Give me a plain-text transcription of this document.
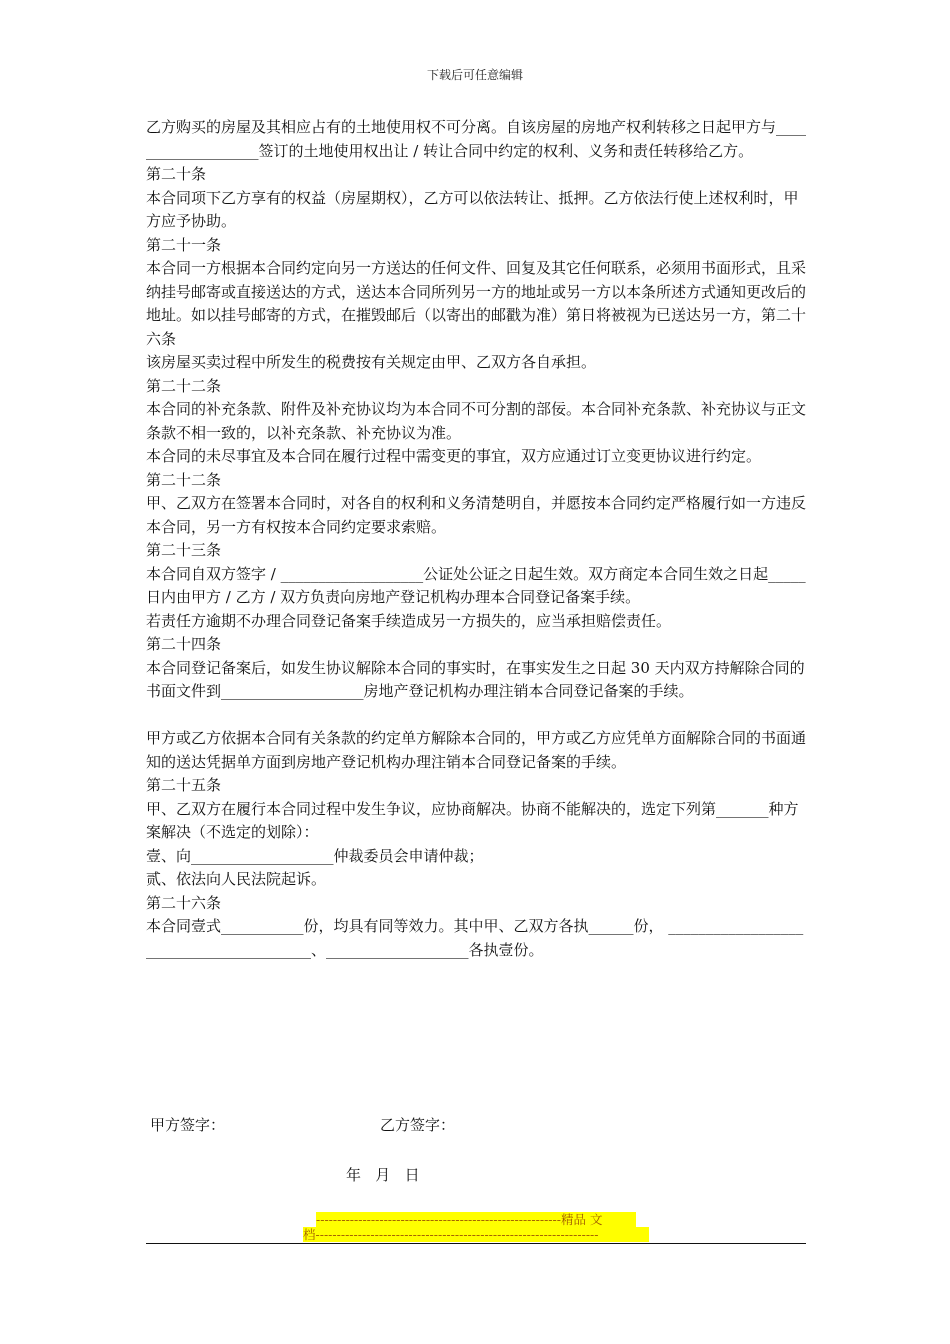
下载后可任意编辑

乙方购买的房屋及其相应占有的土地使用权不可分离。自该房屋的房地产权利转移之日起甲方与___________________签订的土地使用权出让 / 转让合同中约定的权利、义务和责任转移给乙方。

第二十条

本合同项下乙方享有的权益（房屋期权），乙方可以依法转让、抵押。乙方依法行使上述权利时，甲方应予协助。

第二十一条

本合同一方根据本合同约定向另一方送达的任何文件、回复及其它任何联系，必须用书面形式，且采纳挂号邮寄或直接送达的方式，送达本合同所列另一方的地址或另一方以本条所述方式通知更改后的地址。如以挂号邮寄的方式，在摧毁邮后（以寄出的邮戳为准）第日将被视为已送达另一方，第二十六条

该房屋买卖过程中所发生的税费按有关规定由甲、乙双方各自承担。

第二十二条

本合同的补充条款、附件及补充协议均为本合同不可分割的部佞。本合同补充条款、补充协议与正文条款不相一致的，以补充条款、补充协议为准。

本合同的未尽事宜及本合同在履行过程中需变更的事宜，双方应通过订立变更协议进行约定。

第二十二条

甲、乙双方在签署本合同时，对各自的权利和义务清楚明自，并愿按本合同约定严格履行如一方违反本合同，另一方有权按本合同约定要求索赔。

第二十三条

本合同自双方签字 / ___________________公证处公证之日起生效。双方商定本合同生效之日起_____日内由甲方 / 乙方 / 双方负责向房地产登记机构办理本合同登记备案手续。

若责任方逾期不办理合同登记备案手续造成另一方损失的，应当承担赔偿责任。

第二十四条

本合同登记备案后，如发生协议解除本合同的事实时，在事实发生之日起 30 天内双方持解除合同的书面文件到___________________房地产登记机构办理注销本合同登记备案的手续。

甲方或乙方依据本合同有关条款的约定单方解除本合同的，甲方或乙方应凭单方面解除合同的书面通知的送达凭据单方面到房地产登记机构办理注销本合同登记备案的手续。

第二十五条

甲、乙双方在履行本合同过程中发生争议，应协商解决。协商不能解决的，选定下列第_______种方案解决（不选定的划除）：

壹、向___________________仲裁委员会申请仲裁；

贰、依法向人民法院起诉。

第二十六条

本合同壹式___________份，均具有同等效力。其中甲、乙双方各执______份， ________________________________________、___________________各执壹份。

甲方签字：	乙方签字：
年   月   日
----------------------------------------------------------精品 文
档-------------------------------------------------------------------
